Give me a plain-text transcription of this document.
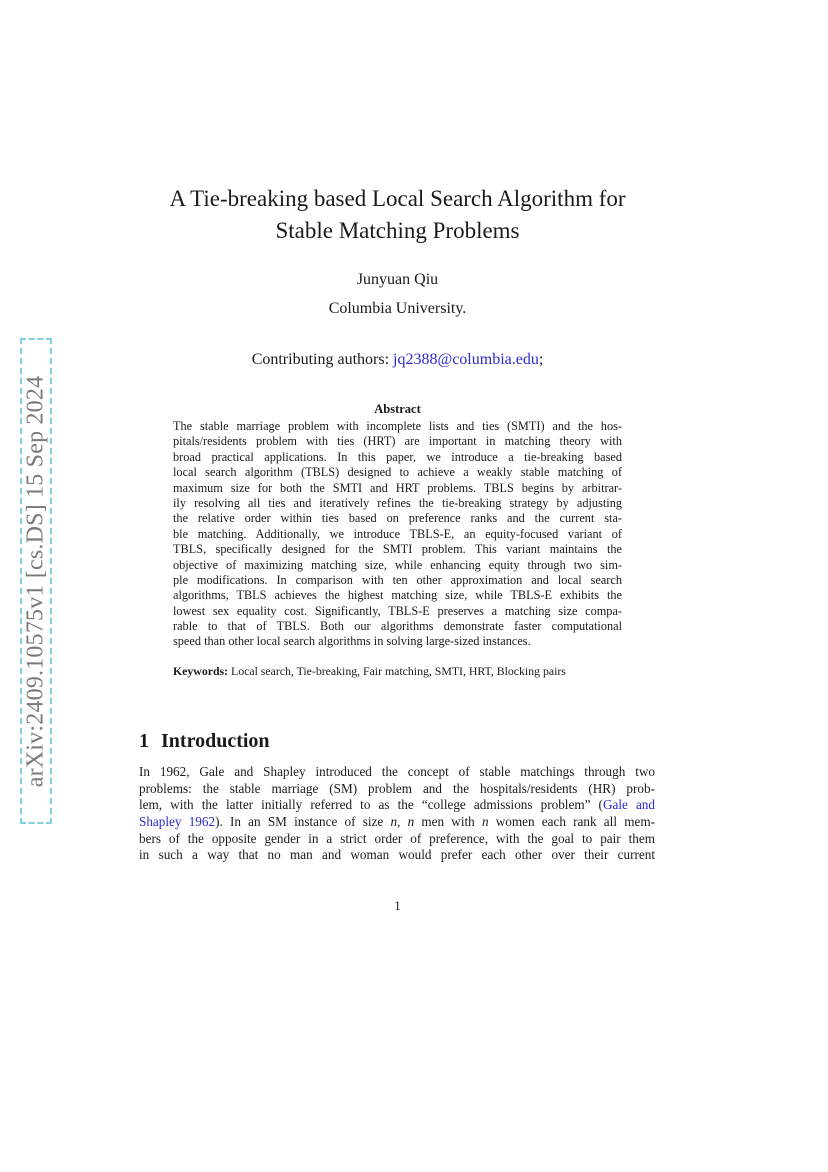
arXiv:2409.10575v1 [cs.DS] 15 Sep 2024
A Tie-breaking based Local Search Algorithm for
Stable Matching Problems
Junyuan Qiu
Columbia University.
Contributing authors: jq2388@columbia.edu;
Abstract
The stable marriage problem with incomplete lists and ties (SMTI) and the hos-
pitals/residents problem with ties (HRT) are important in matching theory with
broad practical applications. In this paper, we introduce a tie-breaking based
local search algorithm (TBLS) designed to achieve a weakly stable matching of
maximum size for both the SMTI and HRT problems. TBLS begins by arbitrar-
ily resolving all ties and iteratively refines the tie-breaking strategy by adjusting
the relative order within ties based on preference ranks and the current sta-
ble matching. Additionally, we introduce TBLS-E, an equity-focused variant of
TBLS, specifically designed for the SMTI problem. This variant maintains the
objective of maximizing matching size, while enhancing equity through two sim-
ple modifications. In comparison with ten other approximation and local search
algorithms, TBLS achieves the highest matching size, while TBLS-E exhibits the
lowest sex equality cost. Significantly, TBLS-E preserves a matching size compa-
rable to that of TBLS. Both our algorithms demonstrate faster computational
speed than other local search algorithms in solving large-sized instances.
Keywords: Local search, Tie-breaking, Fair matching, SMTI, HRT, Blocking pairs
1 Introduction
In 1962, Gale and Shapley introduced the concept of stable matchings through two
problems: the stable marriage (SM) problem and the hospitals/residents (HR) prob-
lem, with the latter initially referred to as the “college admissions problem” (Gale and
Shapley 1962). In an SM instance of size n, n men with n women each rank all mem-
bers of the opposite gender in a strict order of preference, with the goal to pair them
in such a way that no man and woman would prefer each other over their current
1
